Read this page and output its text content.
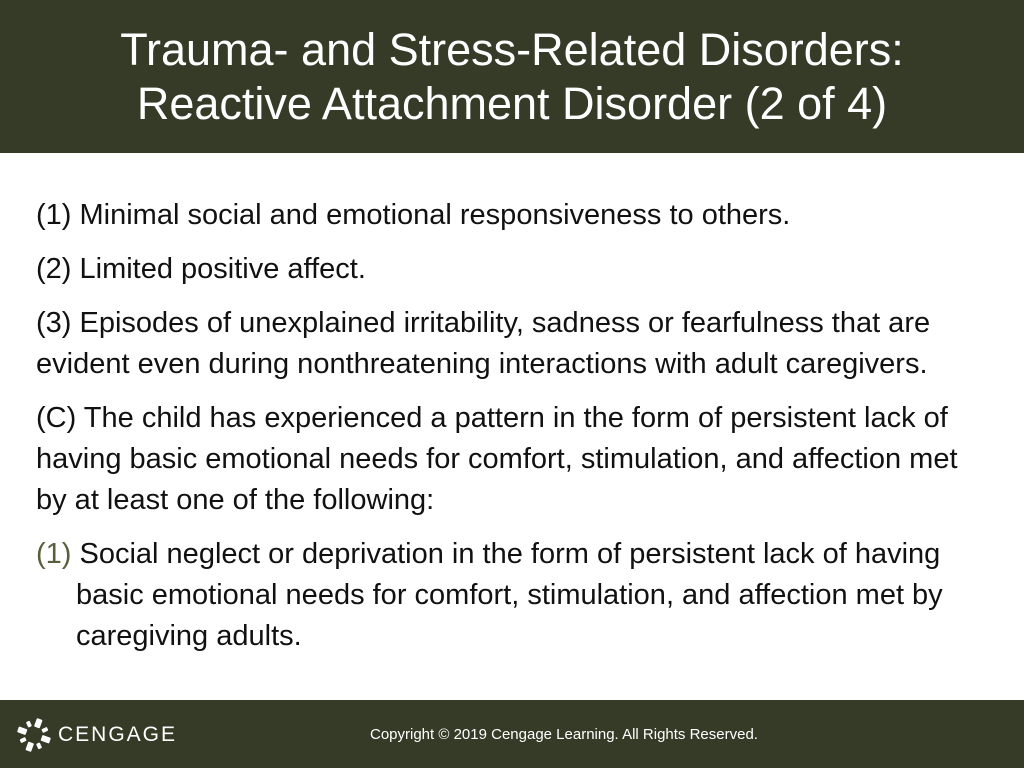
Trauma- and Stress-Related Disorders:
Reactive Attachment Disorder (2 of 4)

(1) Minimal social and emotional responsiveness to others.

(2) Limited positive affect.

(3) Episodes of unexplained irritability, sadness or fearfulness that are evident even during nonthreatening interactions with adult caregivers.

(C) The child has experienced a pattern in the form of persistent lack of having basic emotional needs for comfort, stimulation, and affection met by at least one of the following:

(1) Social neglect or deprivation in the form of persistent lack of having basic emotional needs for comfort, stimulation, and affection met by caregiving adults.

CENGAGE	Copyright © 2019 Cengage Learning. All Rights Reserved.
